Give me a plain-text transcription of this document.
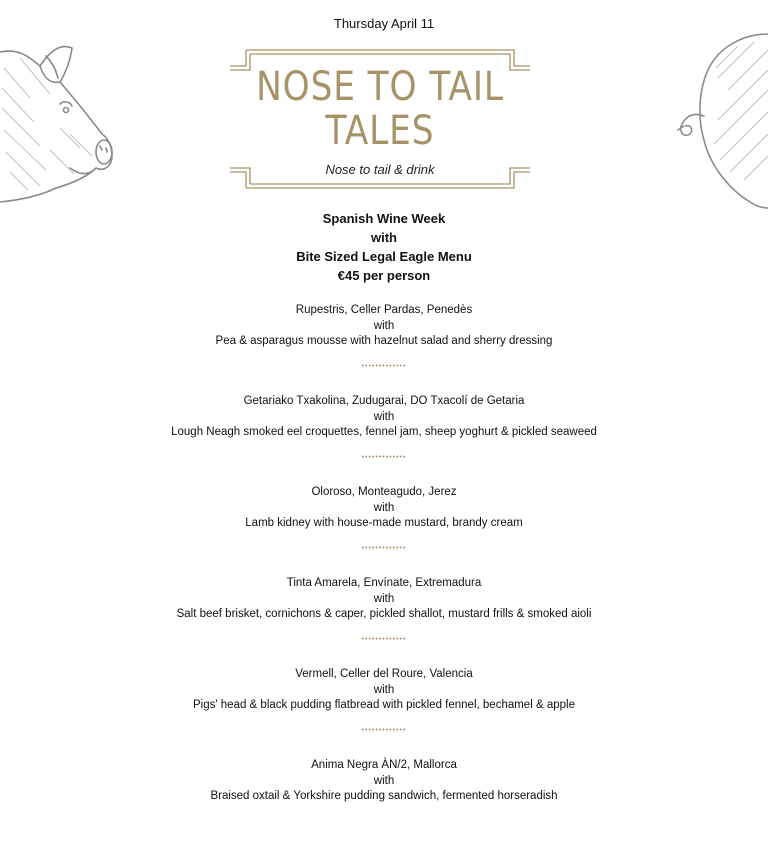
Thursday April 11
NOSE TO TAIL
TALES
Nose to tail & drink
Spanish Wine Week
with
Bite Sized Legal Eagle Menu
€45 per person
Rupestris, Celler Pardas, Penedès
with
Pea & asparagus mousse with hazelnut salad and sherry dressing
•••••••••••••
Getariako Txakolina, Zudugarai, DO Txacolí de Getaria
with
Lough Neagh smoked eel croquettes, fennel jam, sheep yoghurt & pickled seaweed
•••••••••••••
Oloroso, Monteagudo, Jerez
with
Lamb kidney with house-made mustard, brandy cream
•••••••••••••
Tinta Amarela, Envínate, Extremadura
with
Salt beef brisket, cornichons & caper, pickled shallot, mustard frills & smoked aioli
•••••••••••••
Vermell, Celler del Roure, Valencia
with
Pigs' head & black pudding flatbread with pickled fennel, bechamel & apple
•••••••••••••
Anima Negra ÀN/2, Mallorca
with
Braised oxtail & Yorkshire pudding sandwich, fermented horseradish
